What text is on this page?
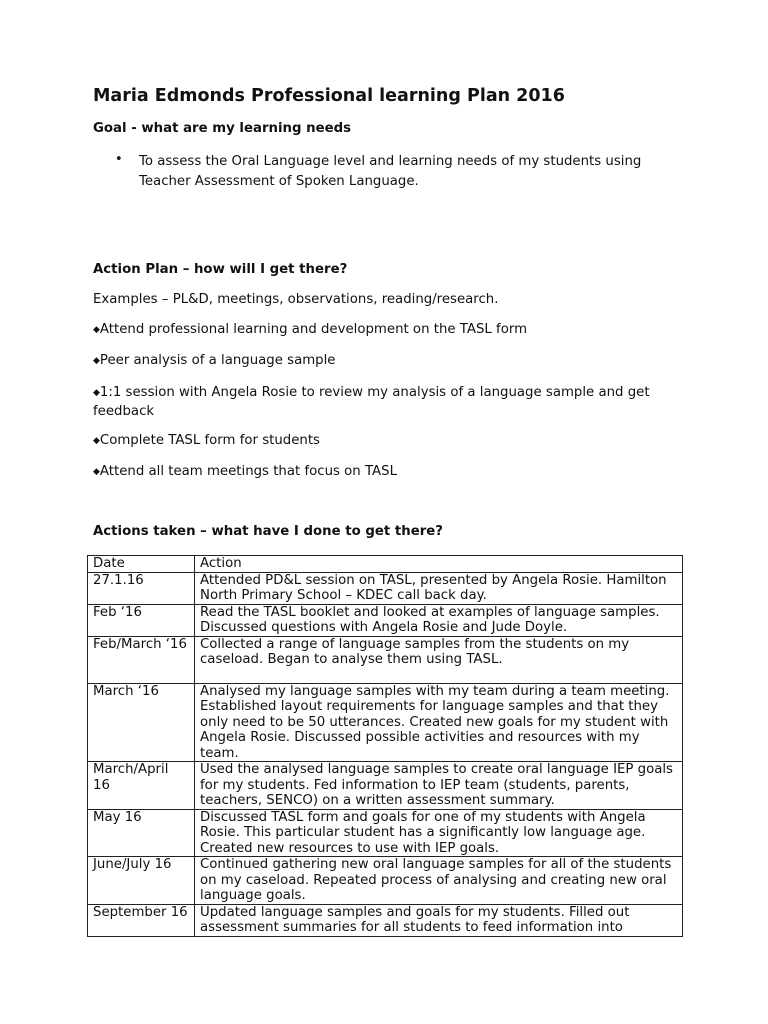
Maria Edmonds Professional learning Plan 2016
Goal - what are my learning needs
• To assess the Oral Language level and learning needs of my students using Teacher Assessment of Spoken Language.
Action Plan – how will I get there?
Examples – PL&D, meetings, observations, reading/research.
◆Attend professional learning and development on the TASL form
◆Peer analysis of a language sample
◆1:1 session with Angela Rosie to review my analysis of a language sample and get feedback
◆Complete TASL form for students
◆Attend all team meetings that focus on TASL
Actions taken – what have I done to get there?
Date	Action
27.1.16	Attended PD&L session on TASL, presented by Angela Rosie. Hamilton North Primary School – KDEC call back day.
Feb ‘16	Read the TASL booklet and looked at examples of language samples. Discussed questions with Angela Rosie and Jude Doyle.
Feb/March ‘16	Collected a range of language samples from the students on my caseload. Began to analyse them using TASL.
March ‘16	Analysed my language samples with my team during a team meeting. Established layout requirements for language samples and that they only need to be 50 utterances. Created new goals for my student with Angela Rosie. Discussed possible activities and resources with my team.
March/April 16	Used the analysed language samples to create oral language IEP goals for my students. Fed information to IEP team (students, parents, teachers, SENCO) on a written assessment summary.
May 16	Discussed TASL form and goals for one of my students with Angela Rosie. This particular student has a significantly low language age. Created new resources to use with IEP goals.
June/July 16	Continued gathering new oral language samples for all of the students on my caseload. Repeated process of analysing and creating new oral language goals.
September 16	Updated language samples and goals for my students. Filled out assessment summaries for all students to feed information into
